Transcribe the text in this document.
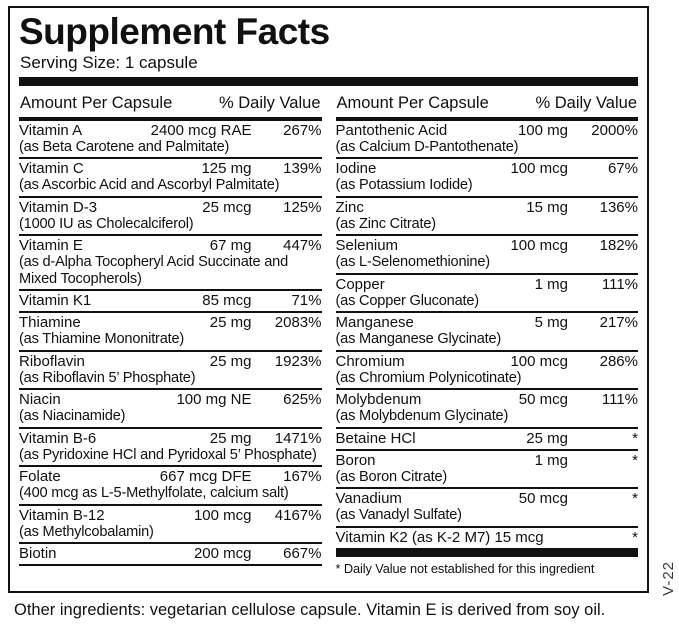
Supplement Facts
Serving Size: 1 capsule
Amount Per Capsule	% Daily Value
Vitamin A	2400 mcg RAE	267%
(as Beta Carotene and Palmitate)
Vitamin C	125 mg	139%
(as Ascorbic Acid and Ascorbyl Palmitate)
Vitamin D-3	25 mcg	125%
(1000 IU as Cholecalciferol)
Vitamin E	67 mg	447%
(as d-Alpha Tocopheryl Acid Succinate and Mixed Tocopherols)
Vitamin K1	85 mcg	71%
Thiamine	25 mg	2083%
(as Thiamine Mononitrate)
Riboflavin	25 mg	1923%
(as Riboflavin 5’ Phosphate)
Niacin	100 mg NE	625%
(as Niacinamide)
Vitamin B-6	25 mg	1471%
(as Pyridoxine HCl and Pyridoxal 5’ Phosphate)
Folate	667 mcg DFE	167%
(400 mcg as L-5-Methylfolate, calcium salt)
Vitamin B-12	100 mcg	4167%
(as Methylcobalamin)
Biotin	200 mcg	667%
Amount Per Capsule	% Daily Value
Pantothenic Acid	100 mg	2000%
(as Calcium D-Pantothenate)
Iodine	100 mcg	67%
(as Potassium Iodide)
Zinc	15 mg	136%
(as Zinc Citrate)
Selenium	100 mcg	182%
(as L-Selenomethionine)
Copper	1 mg	111%
(as Copper Gluconate)
Manganese	5 mg	217%
(as Manganese Glycinate)
Chromium	100 mcg	286%
(as Chromium Polynicotinate)
Molybdenum	50 mcg	111%
(as Molybdenum Glycinate)
Betaine HCl	25 mg	*
Boron	1 mg	*
(as Boron Citrate)
Vanadium	50 mcg	*
(as Vanadyl Sulfate)
Vitamin K2 (as K-2 M7) 15 mcg	*
* Daily Value not established for this ingredient
Other ingredients: vegetarian cellulose capsule. Vitamin E is derived from soy oil.
V-22
